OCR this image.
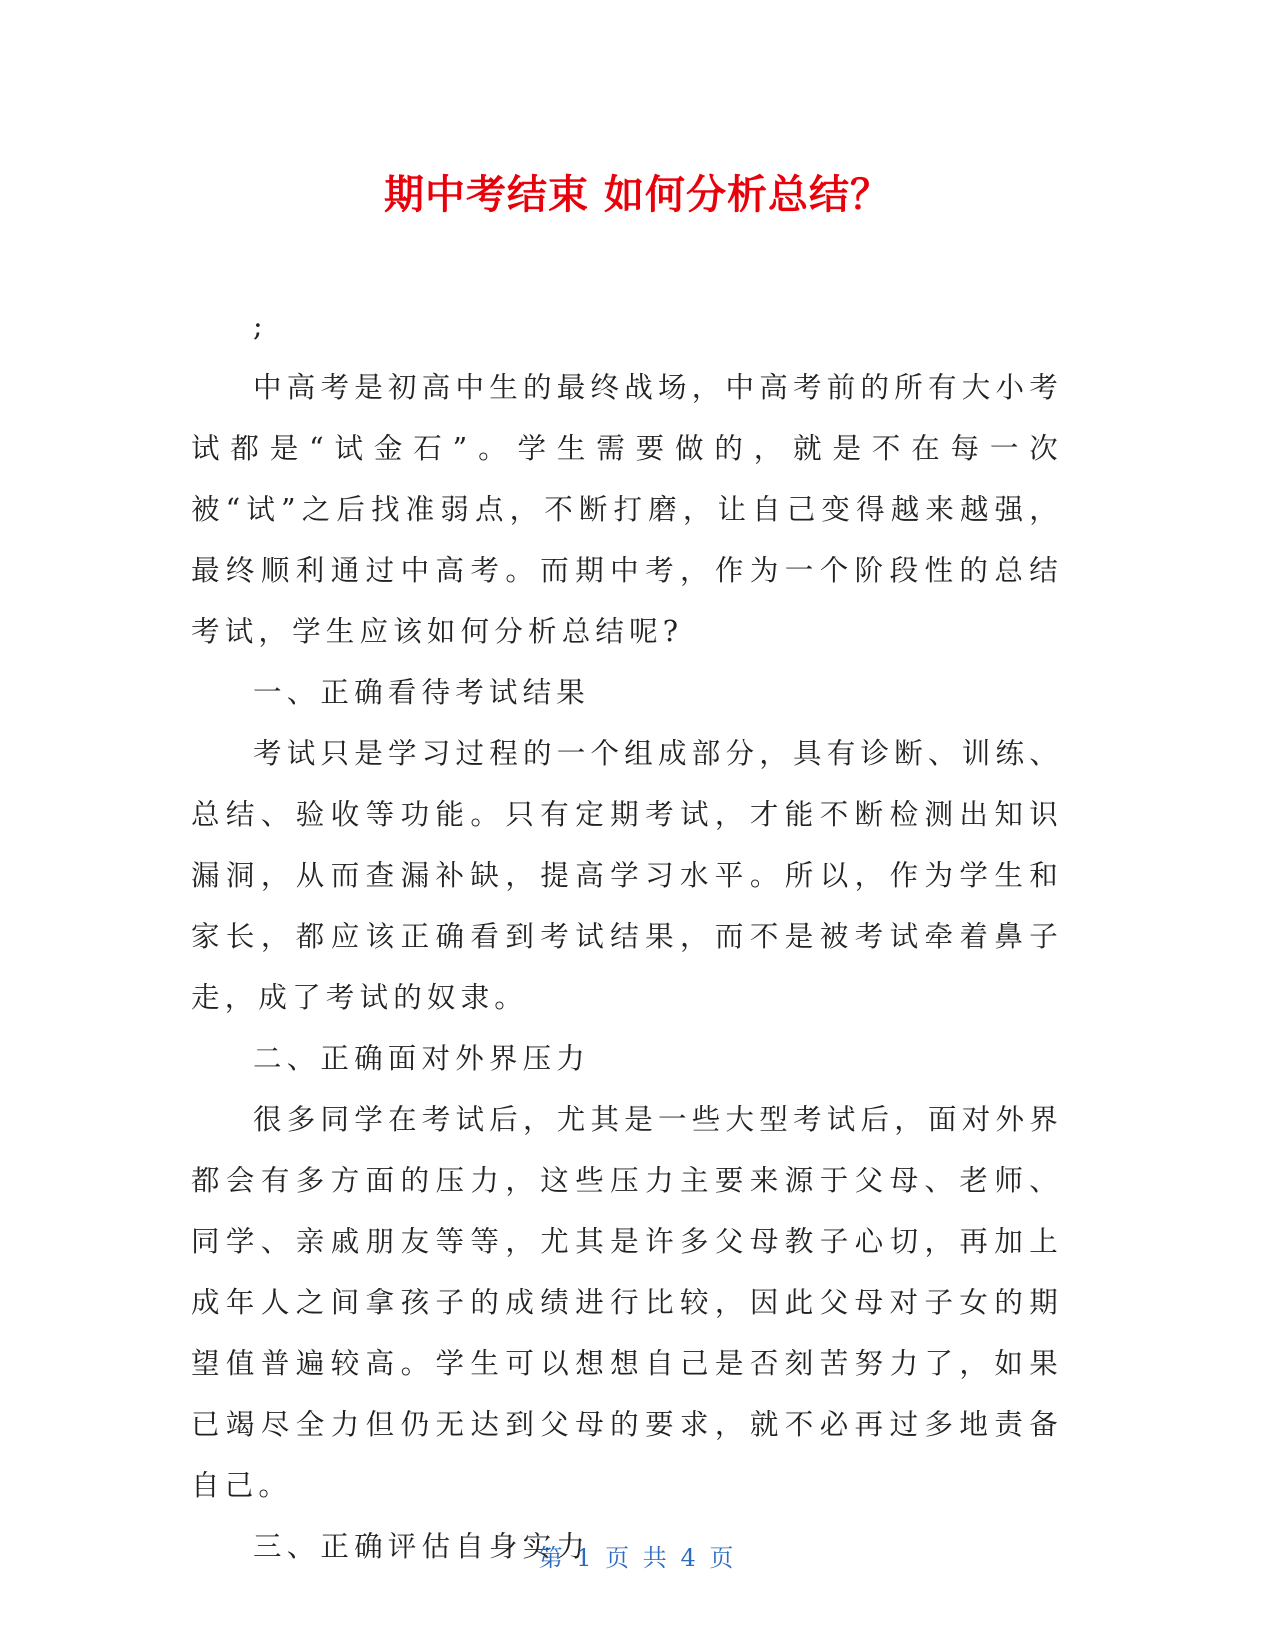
期中考结束 如何分析总结？

;

中高考是初高中生的最终战场，中高考前的所有大小考试都是“试金石”。学生需要做的，就是不在每一次被“试”之后找准弱点，不断打磨，让自己变得越来越强，最终顺利通过中高考。而期中考，作为一个阶段性的总结考试，学生应该如何分析总结呢?

一、正确看待考试结果

考试只是学习过程的一个组成部分，具有诊断、训练、总结、验收等功能。只有定期考试，才能不断检测出知识漏洞，从而查漏补缺，提高学习水平。所以，作为学生和家长，都应该正确看到考试结果，而不是被考试牵着鼻子走，成了考试的奴隶。

二、正确面对外界压力

很多同学在考试后，尤其是一些大型考试后，面对外界都会有多方面的压力，这些压力主要来源于父母、老师、同学、亲戚朋友等等，尤其是许多父母教子心切，再加上成年人之间拿孩子的成绩进行比较，因此父母对子女的期望值普遍较高。学生可以想想自己是否刻苦努力了，如果已竭尽全力但仍无达到父母的要求，就不必再过多地责备自己。

三、正确评估自身实力

第 1 页 共 4 页
